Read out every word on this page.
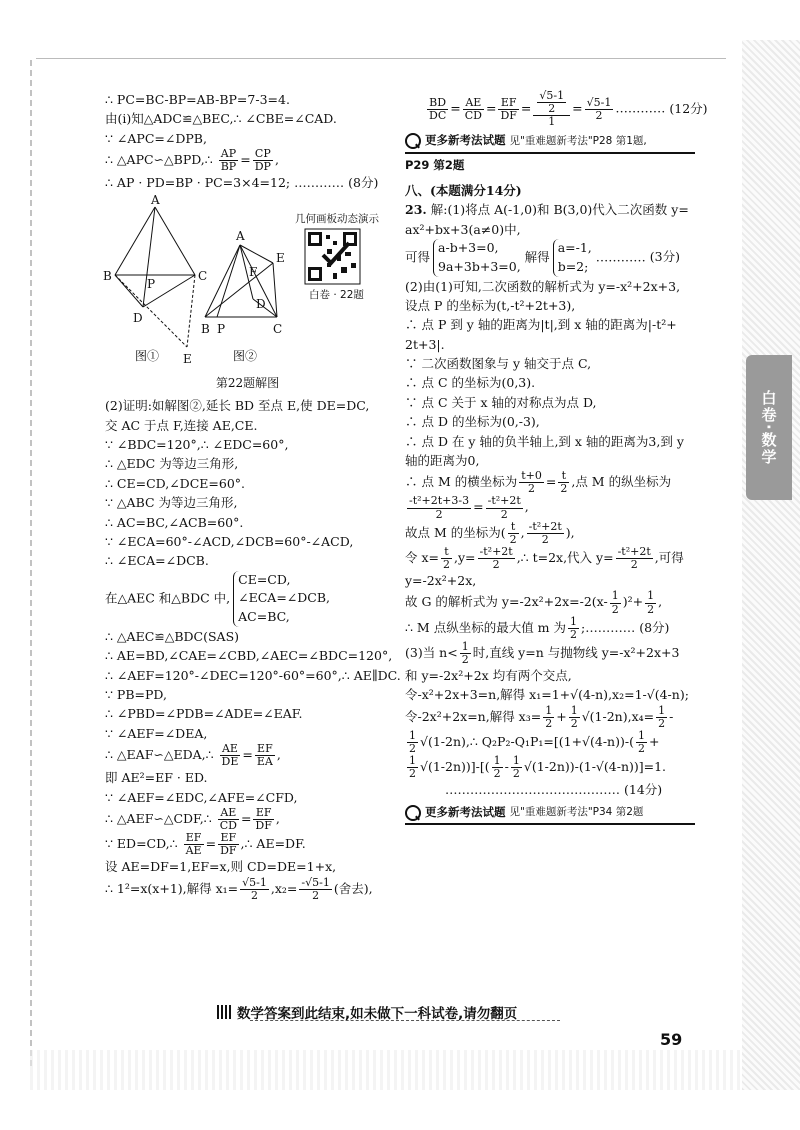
∴ PC=BC-BP=AB-BP=7-3=4.
由(ⅰ)知△ADC≌△BEC,∴ ∠CBE=∠CAD.
∵ ∠APC=∠DPB,
∴ △APC∽△BPD,∴ $\frac{AP}{BP} = \frac{CP}{DP}$ ,
∴ AP · PD=BP · PC=3×4=12; ………… (8分)
A
B	C
D
E
P
A
B	C
D
E
F
P
几何画板动态演示
白卷 · 22题
图①	图②
第22题解图
(2)证明:如解图②,延长 BD 至点 E,使 DE=DC,
交 AC 于点 F,连接 AE,CE.
∵ ∠BDC=120°,∴ ∠EDC=60°,
∴ △EDC 为等边三角形,
∴ CE=CD,∠DCE=60°.
∵ △ABC 为等边三角形,
∴ AC=BC,∠ACB=60°.
∵ ∠ECA=60°-∠ACD,∠DCB=60°-∠ACD,
∴ ∠ECA=∠DCB.
在△AEC 和△BDC 中,
CE=CD,
∠ECA=∠DCB,
AC=BC,
∴ △AEC≌△BDC(SAS)
∴ AE=BD,∠CAE=∠CBD,∠AEC=∠BDC=120°,
∴ ∠AEF=120°-∠DEC=120°-60°=60°,∴ AE∥DC.
∵ PB=PD,
∴ ∠PBD=∠PDB=∠ADE=∠EAF.
∵ ∠AEF=∠DEA,
∴ △EAF∽△EDA,∴ $\frac{AE}{DE} = \frac{EF}{EA}$ ,
即 AE²=EF · ED.
∵ ∠AEF=∠EDC,∠AFE=∠CFD,
∴ △AEF∽△CDF,∴ $\frac{AE}{CD} = \frac{EF}{DF}$ ,
∵ ED=CD,∴ $\frac{EF}{AE} = \frac{EF}{DF}$ ,∴ AE=DF.
设 AE=DF=1,EF=x,则 CD=DE=1+x,
∴ 1²=x(x+1),解得 $x_1= \frac{√5-1}{2} ,x_2= \frac{-√5-1}{2}$ (舍去),
$\frac{BD}{DC} = \frac{AE}{CD} = \frac{EF}{DF} = \frac{\frac{√5-1}{2}}{1} = \frac{√5-1}{2}$ ………… (12分)
更多新考法试题 见"重难题新考法"P28 第1题,
P29 第2题
八、(本题满分14分)
23. 解:(1)将点 A(-1,0)和 B(3,0)代入二次函数 y=
ax²+bx+3(a≠0)中,
可得
a-b+3=0,
9a+3b+3=0,
解得
a=-1,
b=2;
………… (3分)
(2)由(1)可知,二次函数的解析式为 y=-x²+2x+3,
设点 P 的坐标为(t,-t²+2t+3),
∴ 点 P 到 y 轴的距离为|t|,到 x 轴的距离为|-t²+
2t+3|.
∵ 二次函数图象与 y 轴交于点 C,
∴ 点 C 的坐标为(0,3).
∵ 点 C 关于 x 轴的对称点为点 D,
∴ 点 D 的坐标为(0,-3),
∴ 点 D 在 y 轴的负半轴上,到 x 轴的距离为3,到 y
轴的距离为0,
∴ 点 M 的横坐标为 $\frac{t+0}{2} = \frac{t}{2}$ ,点 M 的纵坐标为
$\frac{\text{-t²+2t+3-3}}{2} = \frac{\text{-t²+2t}}{2}$ ,
故点 M 的坐标为( $\frac{t}{2}$ , $\frac{\text{-t²+2t}}{2}$ ),
令 $x= \frac{t}{2} ,y= \frac{\text{-t²+2t}}{2}$ ,∴ t=2x,代入 $y= \frac{\text{-t²+2t}}{2}$ ,可得
y=-2x²+2x,
故 G 的解析式为 $y=-2x^2+2x=-2(x- \frac{1}{2} )^2+ \frac{1}{2}$ ,
∴ M 点纵坐标的最大值 m 为 $\frac{1}{2}$ ;………… (8分)
(3)当 $n< \frac{1}{2}$ 时,直线 y=n 与抛物线 y=-x²+2x+3
和 y=-2x²+2x 均有两个交点,
令-x²+2x+3=n,解得 x₁=1+√(4-n),x₂=1-√(4-n);
令-2x²+2x=n,解得 $x_3= \frac{1}{2} + \frac{1}{2} √(1-2n),x_4= \frac{1}{2}$ -
$\frac{1}{2}$ √(1-2n),∴ $Q_2P_2-Q_1P_1=[(1+√(4-n))-( \frac{1}{2}$ +
$\frac{1}{2} √(1-2n))]-[( \frac{1}{2} - \frac{1}{2} √(1-2n))-(1-√(4-n))]=1$.
…………………………………… (14分)
更多新考法试题 见"重难题新考法"P34 第2题
白卷·数学
数学答案到此结束,如未做下一科试卷,请勿翻页
59
